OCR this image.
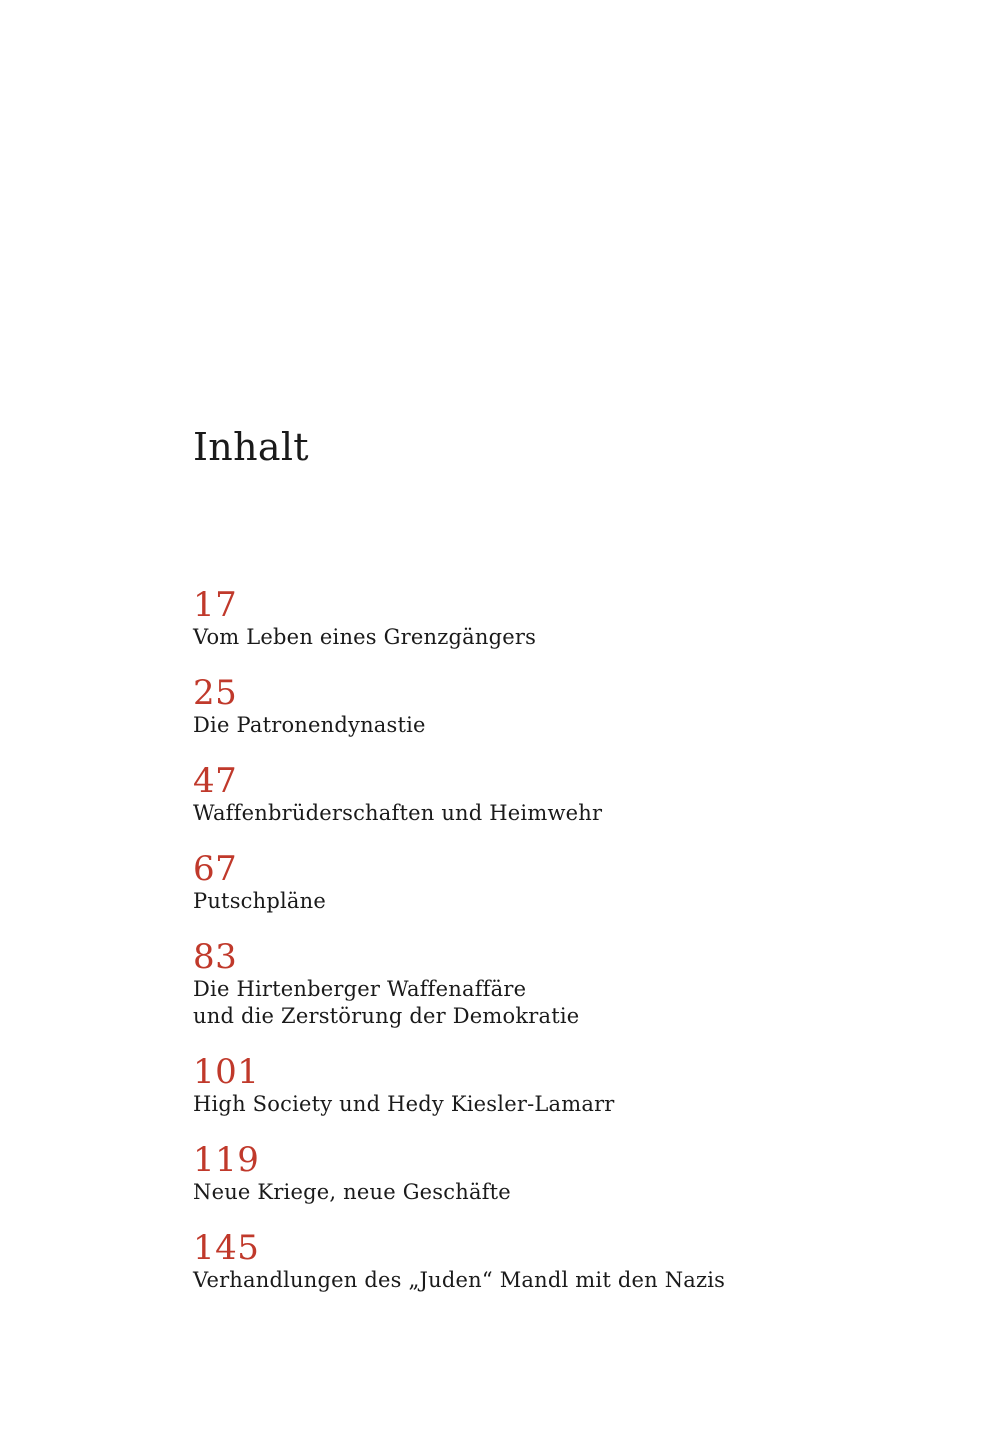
Inhalt
17
Vom Leben eines Grenzgängers
25
Die Patronendynastie
47
Waffenbrüderschaften und Heimwehr
67
Putschpläne
83
Die Hirtenberger Waffenaffäre
und die Zerstörung der Demokratie
101
High Society und Hedy Kiesler-Lamarr
119
Neue Kriege, neue Geschäfte
145
Verhandlungen des „Juden“ Mandl mit den Nazis
